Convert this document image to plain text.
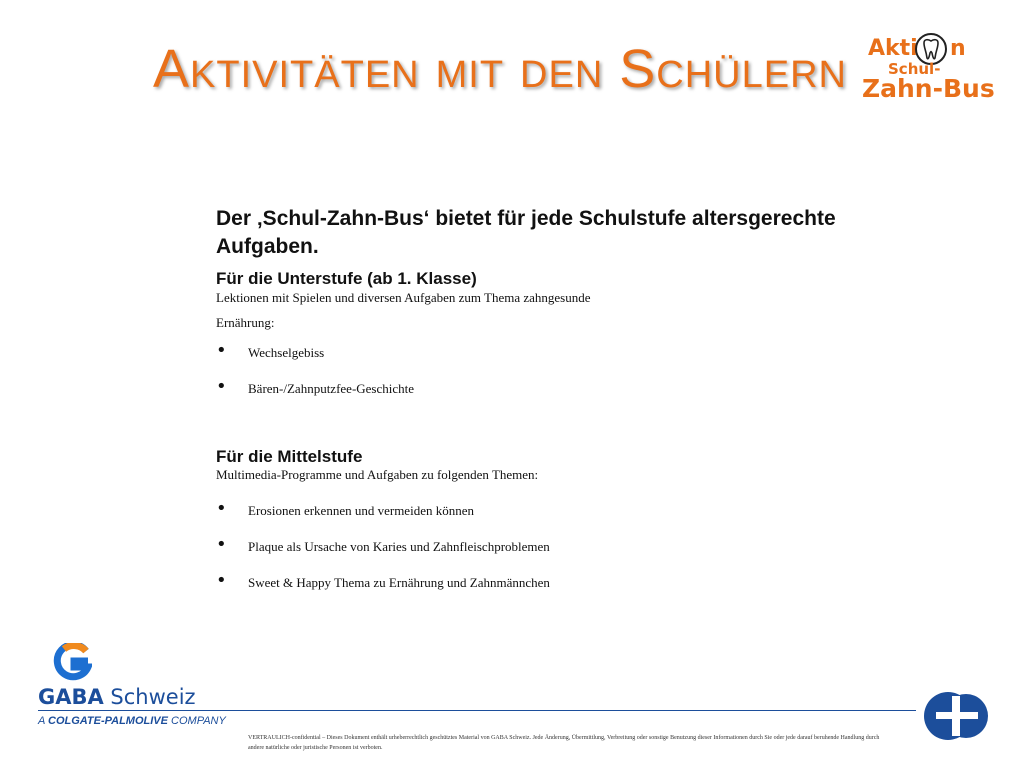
Aktivitäten mit den Schülern Akti n
Schul-
Zahn-Bus

Der ‚Schul-Zahn-Bus‘ bietet für jede Schulstufe altersgerechte Aufgaben.

Für die Unterstufe (ab 1. Klasse)

Lektionen mit Spielen und diversen Aufgaben zum Thema zahngesunde Ernährung:

• Wechselgebiss
• Bären-/Zahnputzfee-Geschichte

Für die Mittelstufe

Multimedia-Programme und Aufgaben zu folgenden Themen:

• Erosionen erkennen und vermeiden können
• Plaque als Ursache von Karies und Zahnfleischproblemen
• Sweet & Happy Thema zu Ernährung und Zahnmännchen
GABA Schweiz
A COLGATE-PALMOLIVE COMPANY
VERTRAULICH-confidential – Dieses Dokument enthält urheberrechtlich geschütztes Material von GABA Schweiz. Jede Änderung, Übermittlung, Verbreitung oder sonstige Benutzung dieser Informationen durch Sie oder jede darauf beruhende Handlung durch andere natürliche oder juristische Personen ist verboten.
